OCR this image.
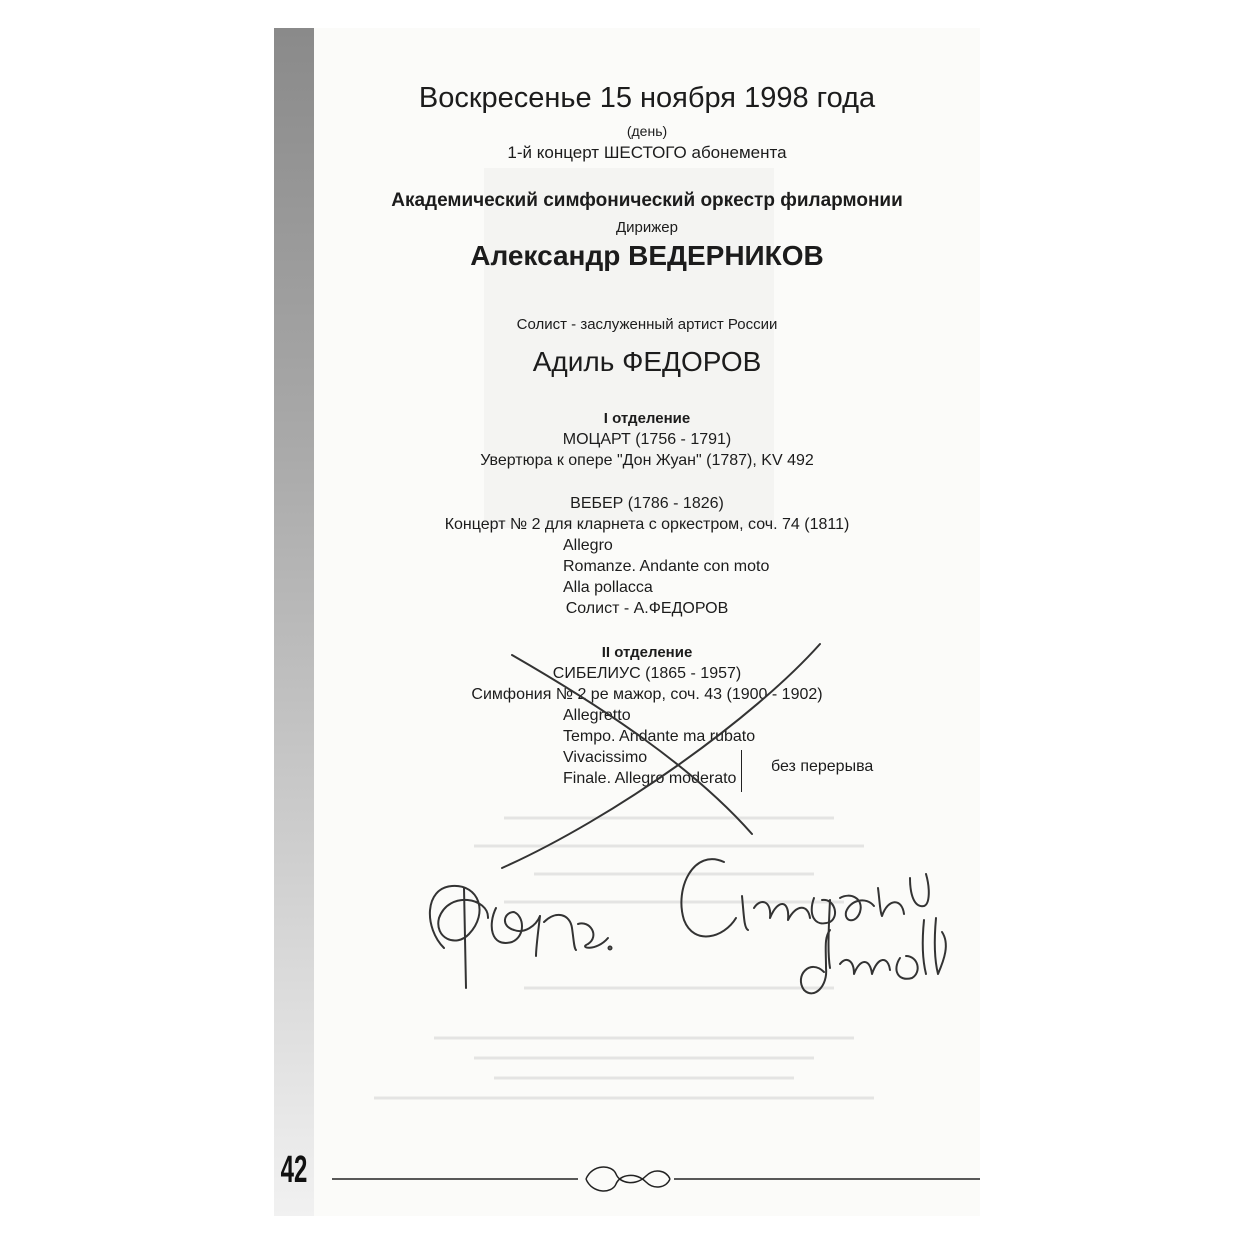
42
Воскресенье 15 ноября 1998 года
(день)
1-й концерт ШЕСТОГО абонемента
Академический симфонический оркестр филармонии
Дирижер
Александр ВЕДЕРНИКОВ
Солист - заслуженный артист России
Адиль ФЕДОРОВ
I отделение
МОЦАРТ (1756 - 1791)
Увертюра к опере "Дон Жуан" (1787), KV 492
ВЕБЕР (1786 - 1826)
Концерт № 2 для кларнета с оркестром, соч. 74 (1811)
Allegro
Romanze. Andante con moto
Alla pollacca
Солист - А.ФЕДОРОВ
II отделение
СИБЕЛИУС (1865 - 1957)
Симфония № 2 ре мажор, соч. 43 (1900 - 1902)
Allegretto
Tempo. Andante ma rubato
Vivacissimo
Finale. Allegro moderato
без перерыва
